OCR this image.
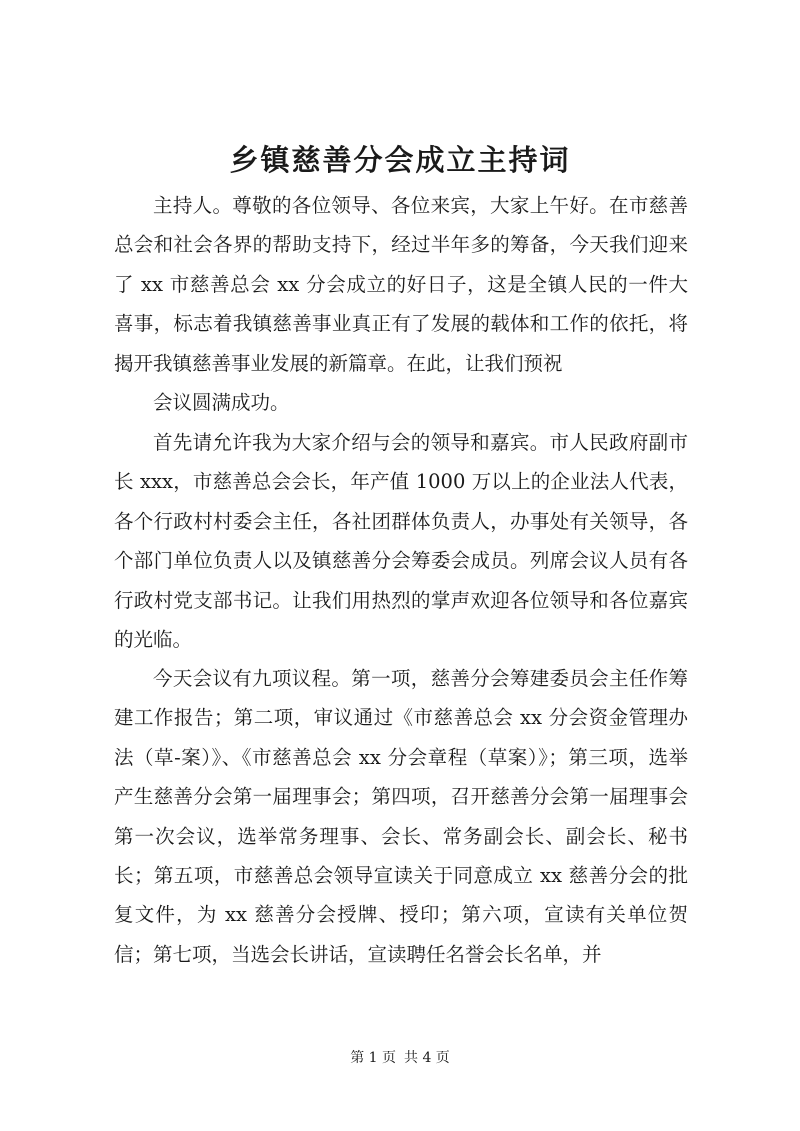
乡镇慈善分会成立主持词

主持人。尊敬的各位领导、各位来宾，大家上午好。在市慈善总会和社会各界的帮助支持下，经过半年多的筹备，今天我们迎来了 xx 市慈善总会 xx 分会成立的好日子，这是全镇人民的一件大喜事，标志着我镇慈善事业真正有了发展的载体和工作的依托，将揭开我镇慈善事业发展的新篇章。在此，让我们预祝

会议圆满成功。

首先请允许我为大家介绍与会的领导和嘉宾。市人民政府副市长 xxx，市慈善总会会长，年产值 1000 万以上的企业法人代表，各个行政村村委会主任，各社团群体负责人，办事处有关领导，各个部门单位负责人以及镇慈善分会筹委会成员。列席会议人员有各行政村党支部书记。让我们用热烈的掌声欢迎各位领导和各位嘉宾的光临。

今天会议有九项议程。第一项，慈善分会筹建委员会主任作筹建工作报告；第二项，审议通过《市慈善总会 xx 分会资金管理办法（草-案）》、《市慈善总会 xx 分会章程（草案）》；第三项，选举产生慈善分会第一届理事会；第四项，召开慈善分会第一届理事会第一次会议，选举常务理事、会长、常务副会长、副会长、秘书长；第五项，市慈善总会领导宣读关于同意成立 xx 慈善分会的批复文件，为 xx 慈善分会授牌、授印；第六项，宣读有关单位贺信；第七项，当选会长讲话，宣读聘任名誉会长名单，并

第 1 页 共 4 页
